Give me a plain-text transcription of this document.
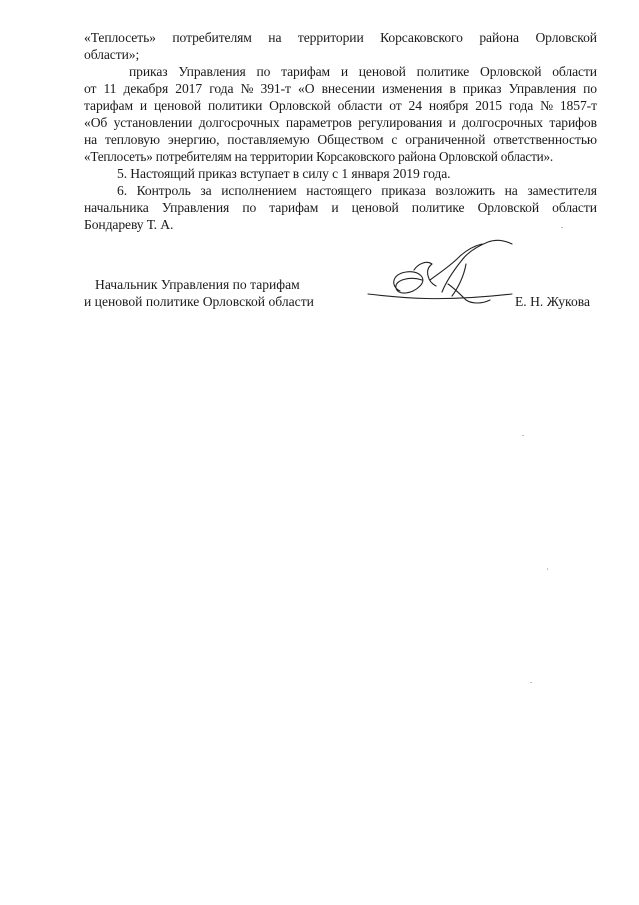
«Теплосеть» потребителям на территории Корсаковского района Орловской
области»;
приказ Управления по тарифам и ценовой политике Орловской области
от 11 декабря 2017 года № 391-т «О внесении изменения в приказ Управления по
тарифам и ценовой политики Орловской области от 24 ноября 2015 года № 1857-т
«Об установлении долгосрочных параметров регулирования и долгосрочных тарифов
на тепловую энергию, поставляемую Обществом с ограниченной ответственностью
«Теплосеть» потребителям на территории Корсаковского района Орловской области».
5. Настоящий приказ вступает в силу с 1 января 2019 года.
6. Контроль за исполнением настоящего приказа возложить на заместителя
начальника Управления по тарифам и ценовой политике Орловской области
Бондареву Т. А.
Начальник Управления по тарифам
и ценовой политике Орловской области	Е. Н. Жукова
